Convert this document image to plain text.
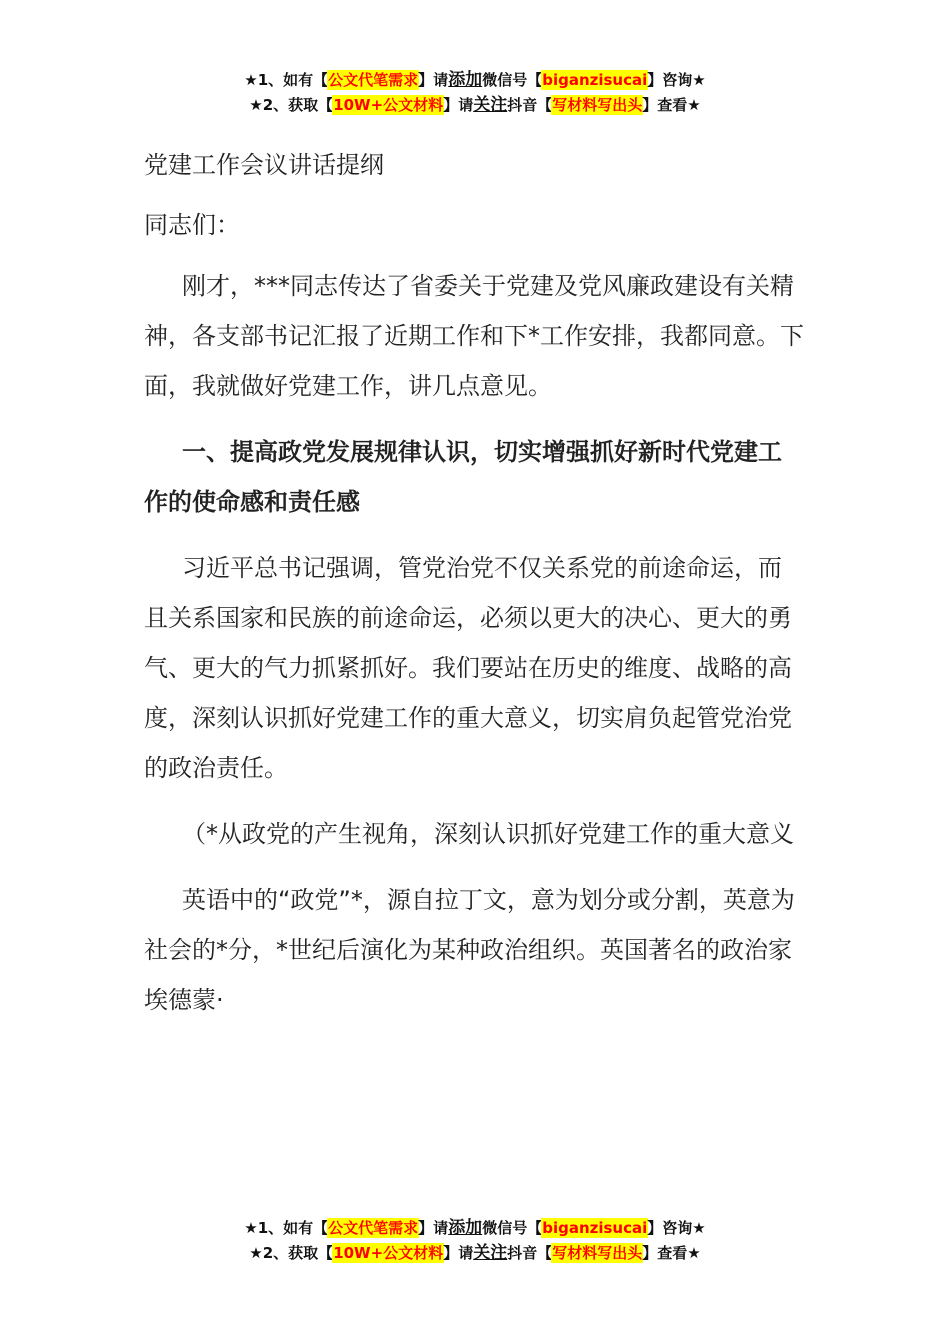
★1、如有【公文代笔需求】请添加微信号【biganzisucai】咨询★
★2、获取【10W+公文材料】请关注抖音【写材料写出头】查看★

党建工作会议讲话提纲

同志们：

刚才，***同志传达了省委关于党建及党风廉政建设有关精神，各支部书记汇报了近期工作和下*工作安排，我都同意。下面，我就做好党建工作，讲几点意见。

一、提高政党发展规律认识，切实增强抓好新时代党建工作的使命感和责任感

习近平总书记强调，管党治党不仅关系党的前途命运，而且关系国家和民族的前途命运，必须以更大的决心、更大的勇气、更大的气力抓紧抓好。我们要站在历史的维度、战略的高度，深刻认识抓好党建工作的重大意义，切实肩负起管党治党的政治责任。

（*从政党的产生视角，深刻认识抓好党建工作的重大意义

英语中的“政党”*，源自拉丁文，意为划分或分割，英意为社会的*分，*世纪后演化为某种政治组织。英国著名的政治家埃德蒙·

★1、如有【公文代笔需求】请添加微信号【biganzisucai】咨询★
★2、获取【10W+公文材料】请关注抖音【写材料写出头】查看★
